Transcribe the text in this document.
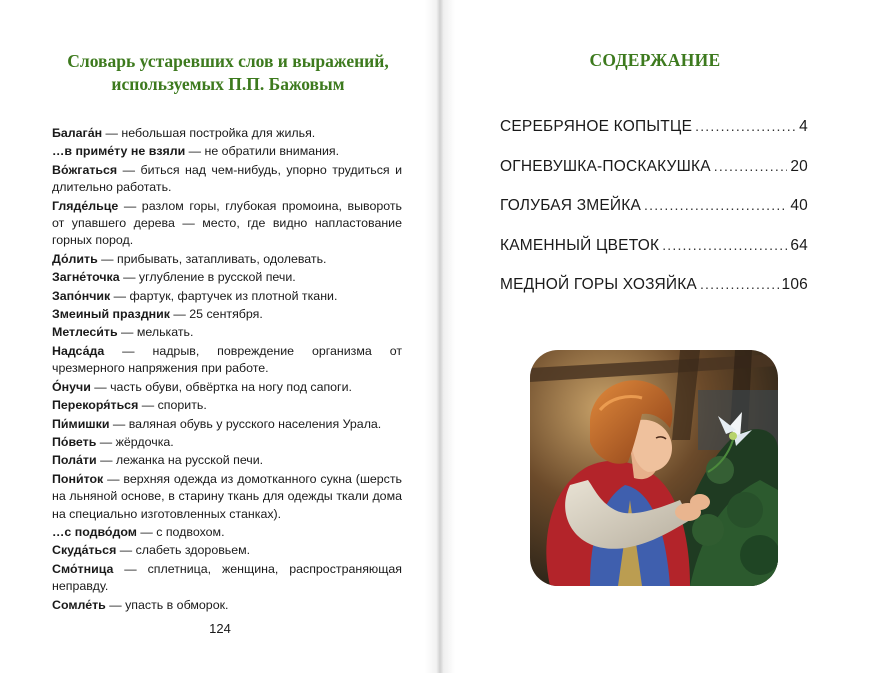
Словарь устаревших слов и выражений,
используемых П.П. Бажовым
Балага́н — небольшая постройка для жилья.
…в приме́ту не взяли — не обратили внимания.
Во́жгаться — биться над чем-нибудь, упорно трудиться и длительно работать.
Гляде́льце — разлом горы, глубокая промоина, вывороть от упавшего дерева — место, где видно напластование горных пород.
До́лить — прибывать, затапливать, одолевать.
Загне́точка — углубление в русской печи.
Запо́нчик — фартук, фартучек из плотной ткани.
Змеиный праздник — 25 сентября.
Метлеси́ть — мелькать.
Надса́да — надрыв, повреждение организма от чрезмерного напряжения при работе.
О́нучи — часть обуви, обвёртка на ногу под сапоги.
Перекоря́ться — спорить.
Пи́мишки — валяная обувь у русского населения Урала.
По́веть — жёрдочка.
Пола́ти — лежанка на русской печи.
Пони́ток — верхняя одежда из домотканного сукна (шерсть на льняной основе, в старину ткань для одежды ткали дома на специально изготовленных станках).
…с подво́дом — с подвохом.
Скуда́ться — слабеть здоровьем.
Смо́тница — сплетница, женщина, распространяющая неправду.
Сомле́ть — упасть в обморок.
124
СОДЕРЖАНИЕ
СЕРЕБРЯНОЕ КОПЫТЦЕ .....	4
ОГНЕВУШКА-ПОСКАКУШКА .....	20
ГОЛУБАЯ ЗМЕЙКА .....	40
КАМЕННЫЙ ЦВЕТОК .....	64
МЕДНОЙ ГОРЫ ХОЗЯЙКА .....	106
